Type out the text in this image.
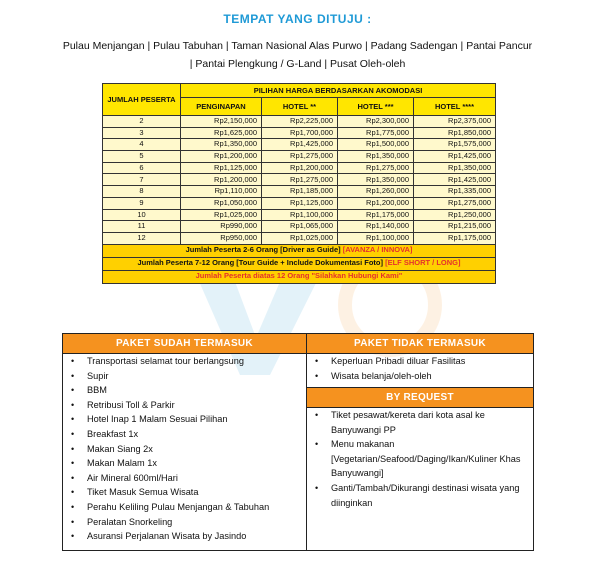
TEMPAT YANG DITUJU :
Pulau Menjangan | Pulau Tabuhan | Taman Nasional Alas Purwo | Padang Sadengan | Pantai Pancur
| Pantai Plengkung / G-Land | Pusat Oleh-oleh
JUMLAH PESERTA	PILIHAN HARGA BERDASARKAN AKOMODASI			
	PENGINAPAN	HOTEL **	HOTEL ***	HOTEL ****
2	Rp2,150,000	Rp2,225,000	Rp2,300,000	Rp2,375,000
3	Rp1,625,000	Rp1,700,000	Rp1,775,000	Rp1,850,000
4	Rp1,350,000	Rp1,425,000	Rp1,500,000	Rp1,575,000
5	Rp1,200,000	Rp1,275,000	Rp1,350,000	Rp1,425,000
6	Rp1,125,000	Rp1,200,000	Rp1,275,000	Rp1,350,000
7	Rp1,200,000	Rp1,275,000	Rp1,350,000	Rp1,425,000
8	Rp1,110,000	Rp1,185,000	Rp1,260,000	Rp1,335,000
9	Rp1,050,000	Rp1,125,000	Rp1,200,000	Rp1,275,000
10	Rp1,025,000	Rp1,100,000	Rp1,175,000	Rp1,250,000
11	Rp990,000	Rp1,065,000	Rp1,140,000	Rp1,215,000
12	Rp950,000	Rp1,025,000	Rp1,100,000	Rp1,175,000
Jumlah Peserta 2-6 Orang [Driver as Guide] [AVANZA / INNOVA]				
Jumlah Peserta 7-12 Orang [Tour Guide + Include Dokumentasi Foto] [ELF SHORT / LONG]				
Jumlah Peserta diatas 12 Orang "Silahkan Hubungi Kami"				
PAKET SUDAH TERMASUK
• Transportasi selamat tour berlangsung
• Supir
• BBM
• Retribusi Toll & Parkir
• Hotel Inap 1 Malam Sesuai Pilihan
• Breakfast 1x
• Makan Siang 2x
• Makan Malam 1x
• Air Mineral 600ml/Hari
• Tiket Masuk Semua Wisata
• Perahu Keliling Pulau Menjangan & Tabuhan
• Peralatan Snorkeling
• Asuransi Perjalanan Wisata by Jasindo
PAKET TIDAK TERMASUK
• Keperluan Pribadi diluar Fasilitas
• Wisata belanja/oleh-oleh
BY REQUEST
• Tiket pesawat/kereta dari kota asal ke Banyuwangi PP
• Menu makanan [Vegetarian/Seafood/Daging/Ikan/Kuliner Khas Banyuwangi]
• Ganti/Tambah/Dikurangi destinasi wisata yang diinginkan
